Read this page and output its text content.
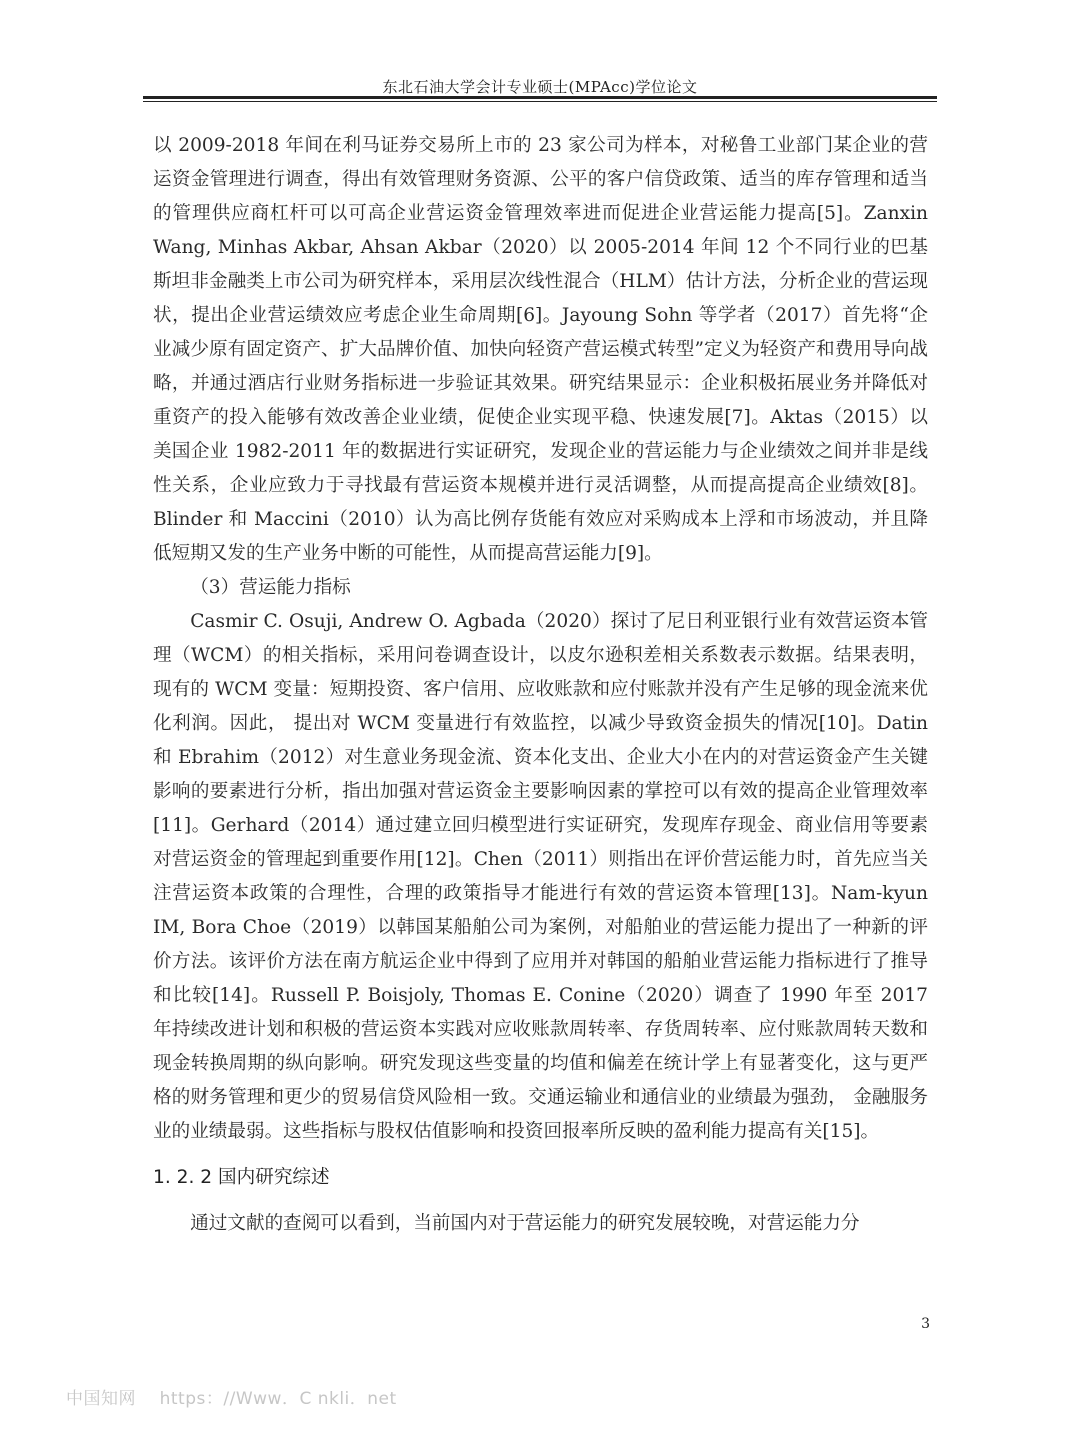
东北石油大学会计专业硕士(MPAcc)学位论文

以 2009-2018 年间在利马证券交易所上市的 23 家公司为样本，对秘鲁工业部门某企业的营运资金管理进行调查，得出有效管理财务资源、公平的客户信贷政策、适当的库存管理和适当的管理供应商杠杆可以可高企业营运资金管理效率进而促进企业营运能力提高[5]。Zanxin Wang, Minhas Akbar, Ahsan Akbar（2020）以 2005-2014 年间 12 个不同行业的巴基斯坦非金融类上市公司为研究样本，采用层次线性混合（HLM）估计方法，分析企业的营运现状，提出企业营运绩效应考虑企业生命周期[6]。Jayoung Sohn 等学者（2017）首先将“企业减少原有固定资产、扩大品牌价值、加快向轻资产营运模式转型”定义为轻资产和费用导向战略，并通过酒店行业财务指标进一步验证其效果。研究结果显示：企业积极拓展业务并降低对重资产的投入能够有效改善企业业绩，促使企业实现平稳、快速发展[7]。Aktas（2015）以美国企业 1982-2011 年的数据进行实证研究，发现企业的营运能力与企业绩效之间并非是线性关系，企业应致力于寻找最有营运资本规模并进行灵活调整，从而提高提高企业绩效[8]。Blinder 和 Maccini（2010）认为高比例存货能有效应对采购成本上浮和市场波动，并且降低短期又发的生产业务中断的可能性，从而提高营运能力[9]。

（3）营运能力指标

Casmir C. Osuji, Andrew O. Agbada（2020）探讨了尼日利亚银行业有效营运资本管理（WCM）的相关指标，采用问卷调查设计，以皮尔逊积差相关系数表示数据。结果表明，现有的 WCM 变量：短期投资、客户信用、应收账款和应付账款并没有产生足够的现金流来优化利润。因此， 提出对 WCM 变量进行有效监控，以减少导致资金损失的情况[10]。Datin 和 Ebrahim（2012）对生意业务现金流、资本化支出、企业大小在内的对营运资金产生关键影响的要素进行分析，指出加强对营运资金主要影响因素的掌控可以有效的提高企业管理效率[11]。Gerhard（2014）通过建立回归模型进行实证研究，发现库存现金、商业信用等要素对营运资金的管理起到重要作用[12]。Chen（2011）则指出在评价营运能力时，首先应当关注营运资本政策的合理性，合理的政策指导才能进行有效的营运资本管理[13]。Nam-kyun IM, Bora Choe（2019）以韩国某船舶公司为案例，对船舶业的营运能力提出了一种新的评价方法。该评价方法在南方航运企业中得到了应用并对韩国的船舶业营运能力指标进行了推导和比较[14]。Russell P. Boisjoly, Thomas E. Conine（2020）调查了 1990 年至 2017 年持续改进计划和积极的营运资本实践对应收账款周转率、存货周转率、应付账款周转天数和现金转换周期的纵向影响。研究发现这些变量的均值和偏差在统计学上有显著变化，这与更严格的财务管理和更少的贸易信贷风险相一致。交通运输业和通信业的业绩最为强劲， 金融服务业的业绩最弱。这些指标与股权估值影响和投资回报率所反映的盈利能力提高有关[15]。

1. 2. 2 国内研究综述

通过文献的查阅可以看到，当前国内对于营运能力的研究发展较晚，对营运能力分

3
中国知网    https：//Www．C nkli．net
